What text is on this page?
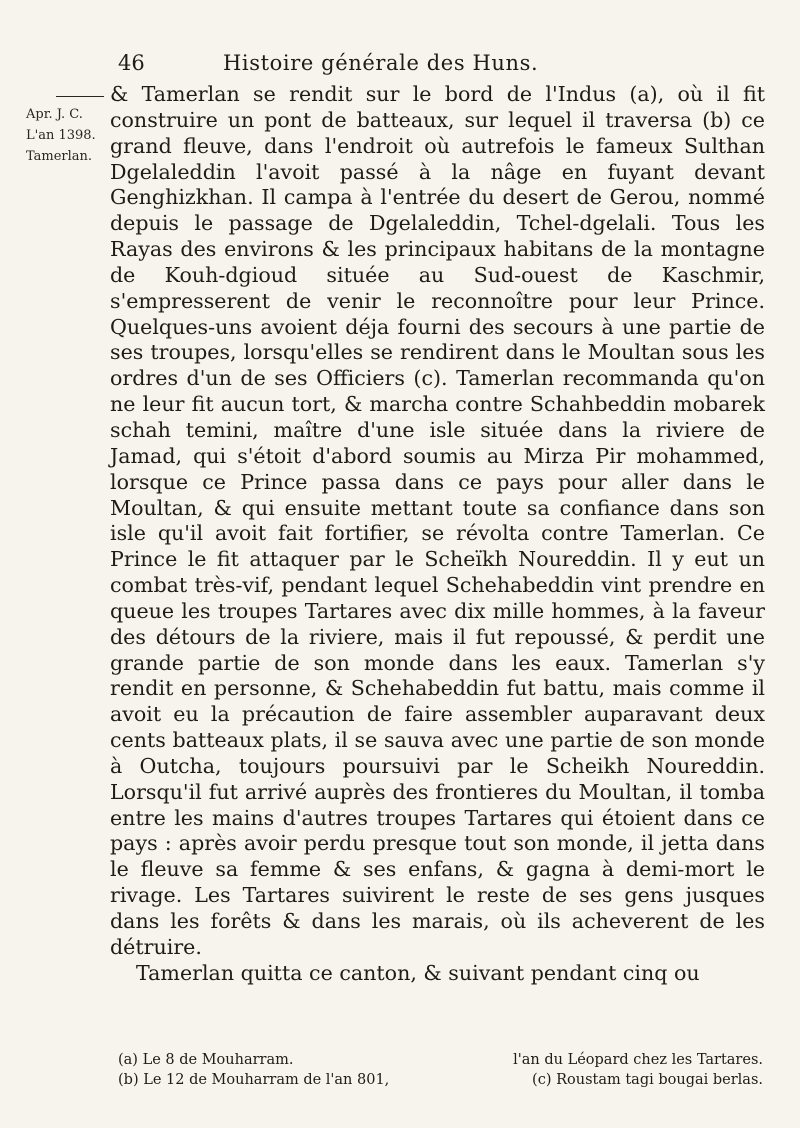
46	Histoire générale des Huns.
Apr. J. C.
L'an 1398.
Tamerlan.

& Tamerlan se rendit sur le bord de l'Indus (a), où il fit construire un pont de batteaux, sur lequel il traversa (b) ce grand fleuve, dans l'endroit où autrefois le fameux Sulthan Dgelaleddin l'avoit passé à la nâge en fuyant devant Genghizkhan. Il campa à l'entrée du desert de Gerou, nommé depuis le passage de Dgelaleddin, Tchel-dgelali. Tous les Rayas des environs & les principaux habitans de la montagne de Kouh-dgioud située au Sud-ouest de Kaschmir, s'empresserent de venir le reconnoître pour leur Prince. Quelques-uns avoient déja fourni des secours à une partie de ses troupes, lorsqu'elles se rendirent dans le Moultan sous les ordres d'un de ses Officiers (c). Tamerlan recommanda qu'on ne leur fit aucun tort, & marcha contre Schahbeddin mobarek schah temini, maître d'une isle située dans la riviere de Jamad, qui s'étoit d'abord soumis au Mirza Pir mohammed, lorsque ce Prince passa dans ce pays pour aller dans le Moultan, & qui ensuite mettant toute sa confiance dans son isle qu'il avoit fait fortifier, se révolta contre Tamerlan. Ce Prince le fit attaquer par le Scheïkh Noureddin. Il y eut un combat très-vif, pendant lequel Schehabeddin vint prendre en queue les troupes Tartares avec dix mille hommes, à la faveur des détours de la riviere, mais il fut repoussé, & perdit une grande partie de son monde dans les eaux. Tamerlan s'y rendit en personne, & Schehabeddin fut battu, mais comme il avoit eu la précaution de faire assembler auparavant deux cents batteaux plats, il se sauva avec une partie de son monde à Outcha, toujours poursuivi par le Scheikh Noureddin. Lorsqu'il fut arrivé auprès des frontieres du Moultan, il tomba entre les mains d'autres troupes Tartares qui étoient dans ce pays : après avoir perdu presque tout son monde, il jetta dans le fleuve sa femme & ses enfans, & gagna à demi-mort le rivage. Les Tartares suivirent le reste de ses gens jusques dans les forêts & dans les marais, où ils acheverent de les détruire.

Tamerlan quitta ce canton, & suivant pendant cinq ou

(a) Le 8 de Mouharram.	l'an du Léopard chez les Tartares.
(b) Le 12 de Mouharram de l'an 801,	(c) Roustam tagi bougai berlas.
